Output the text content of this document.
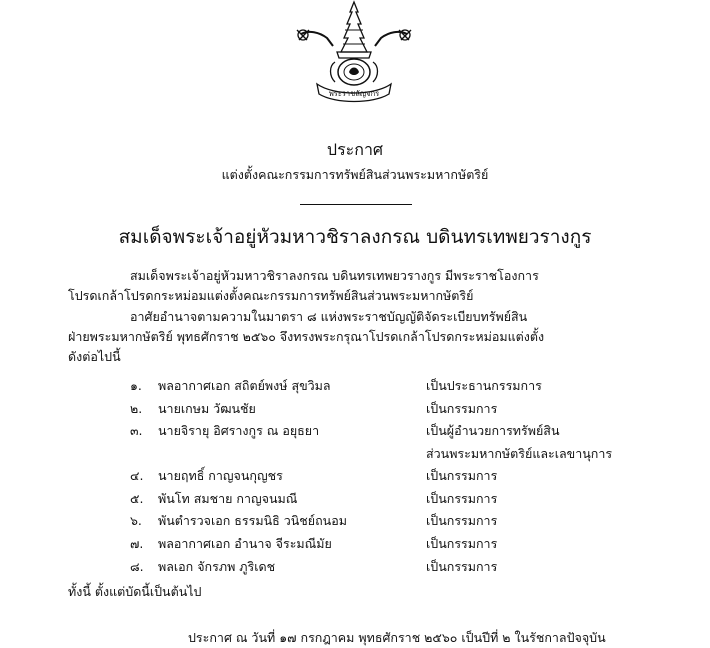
พระราชลัญจกร
ประกาศ
แต่งตั้งคณะกรรมการทรัพย์สินส่วนพระมหากษัตริย์
สมเด็จพระเจ้าอยู่หัวมหาวชิราลงกรณ บดินทรเทพยวรางกูร
สมเด็จพระเจ้าอยู่หัวมหาวชิราลงกรณ บดินทรเทพยวรางกูร มีพระราชโองการ
โปรดเกล้าโปรดกระหม่อมแต่งตั้งคณะกรรมการทรัพย์สินส่วนพระมหากษัตริย์
อาศัยอำนาจตามความในมาตรา ๘ แห่งพระราชบัญญัติจัดระเบียบทรัพย์สิน
ฝ่ายพระมหากษัตริย์ พุทธศักราช ๒๕๖๐ จึงทรงพระกรุณาโปรดเกล้าโปรดกระหม่อมแต่งตั้ง
ดังต่อไปนี้
๑. พลอากาศเอก สถิตย์พงษ์ สุขวิมล	เป็นประธานกรรมการ
๒. นายเกษม วัฒนชัย	เป็นกรรมการ
๓. นายจิรายุ อิศรางกูร ณ อยุธยา	เป็นผู้อำนวยการทรัพย์สิน
ส่วนพระมหากษัตริย์และเลขานุการ
๔. นายฤทธิ์ กาญจนกุญชร	เป็นกรรมการ
๕. พันโท สมชาย กาญจนมณี	เป็นกรรมการ
๖. พันตำรวจเอก ธรรมนิธิ วนิชย์ถนอม	เป็นกรรมการ
๗. พลอากาศเอก อำนาจ จีระมณีมัย	เป็นกรรมการ
๘. พลเอก จักรภพ ภูริเดช	เป็นกรรมการ
ทั้งนี้ ตั้งแต่บัดนี้เป็นต้นไป
ประกาศ ณ วันที่ ๑๗ กรกฎาคม พุทธศักราช ๒๕๖๐ เป็นปีที่ ๒ ในรัชกาลปัจจุบัน
